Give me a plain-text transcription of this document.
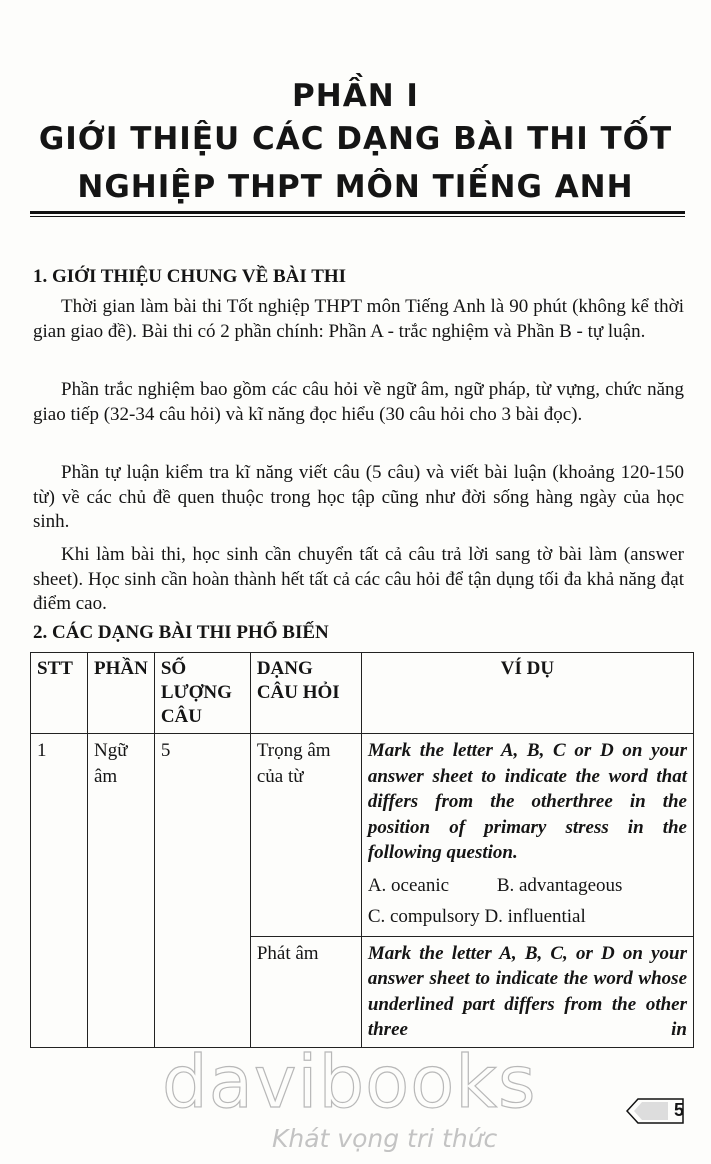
PHẦN I
GIỚI THIỆU CÁC DẠNG BÀI THI TỐT
NGHIỆP THPT MÔN TIẾNG ANH
1. GIỚI THIỆU CHUNG VỀ BÀI THI

Thời gian làm bài thi Tốt nghiệp THPT môn Tiếng Anh là 90 phút (không kể thời gian giao đề). Bài thi có 2 phần chính: Phần A - trắc nghiệm và Phần B - tự luận.

Phần trắc nghiệm bao gồm các câu hỏi về ngữ âm, ngữ pháp, từ vựng, chức năng giao tiếp (32-34 câu hỏi) và kĩ năng đọc hiểu (30 câu hỏi cho 3 bài đọc).

Phần tự luận kiểm tra kĩ năng viết câu (5 câu) và viết bài luận (khoảng 120-150 từ) về các chủ đề quen thuộc trong học tập cũng như đời sống hàng ngày của học sinh.

Khi làm bài thi, học sinh cần chuyển tất cả câu trả lời sang tờ bài làm (answer sheet). Học sinh cần hoàn thành hết tất cả các câu hỏi để tận dụng tối đa khả năng đạt điểm cao.

2. CÁC DẠNG BÀI THI PHỔ BIẾN
STT	PHẦN	SỐ LƯỢNG CÂU	DẠNG CÂU HỎI	VÍ DỤ
1	Ngữ âm	5	Trọng âm của từ	Mark the letter A, B, C or D on your answer sheet to indicate the word that differs from the otherthree in the position of primary stress in the following question.
A. oceanic B. advantageous
C. compulsory D. influential

			Phát âm	Mark the letter A, B, C, or D on your answer sheet to indicate the word whose underlined part differs from the other three in
davibooks
Khát vọng tri thức
5
